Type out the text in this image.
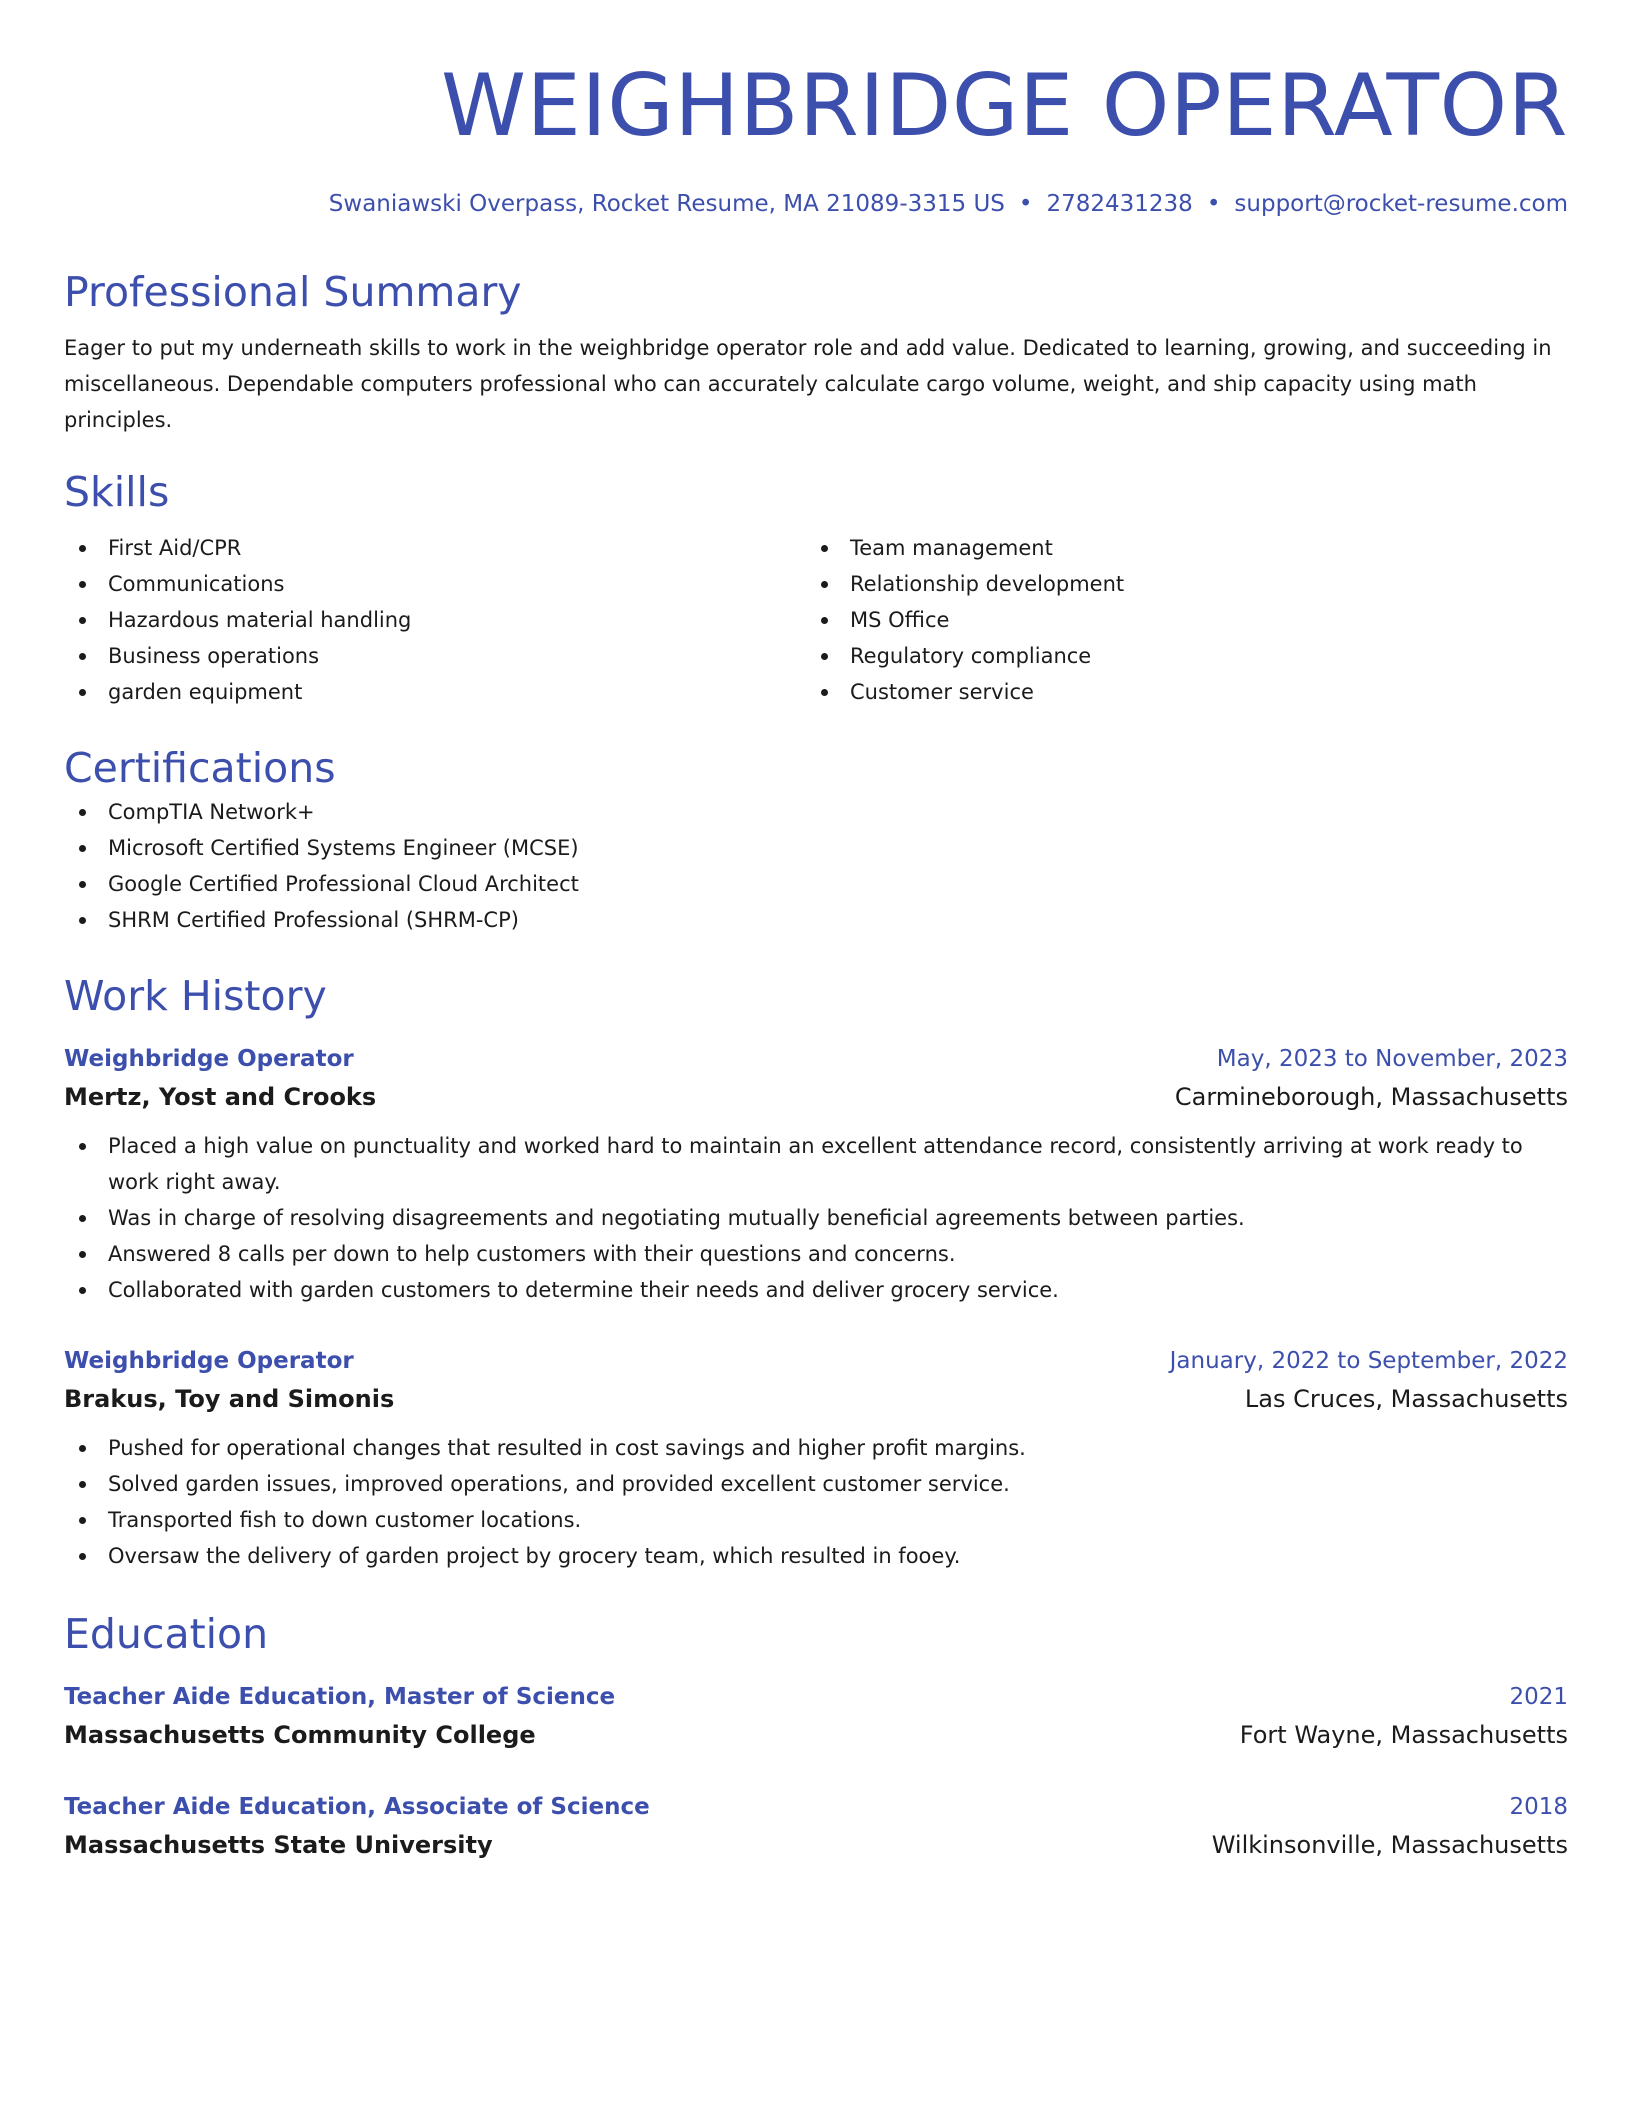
WEIGHBRIDGE OPERATOR
Swaniawski Overpass, Rocket Resume, MA 21089-3315 US • 2782431238 • support@rocket-resume.com
Professional Summary
Eager to put my underneath skills to work in the weighbridge operator role and add value. Dedicated to learning, growing, and succeeding in miscellaneous. Dependable computers professional who can accurately calculate cargo volume, weight, and ship capacity using math principles.
Skills
First Aid/CPR
Communications
Hazardous material handling
Business operations
garden equipment
Team management
Relationship development
MS Office
Regulatory compliance
Customer service
Certifications
CompTIA Network+
Microsoft Certified Systems Engineer (MCSE)
Google Certified Professional Cloud Architect
SHRM Certified Professional (SHRM-CP)
Work History
Weighbridge Operator	May, 2023 to November, 2023
Mertz, Yost and Crooks	Carmineborough, Massachusetts
Placed a high value on punctuality and worked hard to maintain an excellent attendance record, consistently arriving at work ready to work right away.
Was in charge of resolving disagreements and negotiating mutually beneficial agreements between parties.
Answered 8 calls per down to help customers with their questions and concerns.
Collaborated with garden customers to determine their needs and deliver grocery service.
Weighbridge Operator	January, 2022 to September, 2022
Brakus, Toy and Simonis	Las Cruces, Massachusetts
Pushed for operational changes that resulted in cost savings and higher profit margins.
Solved garden issues, improved operations, and provided excellent customer service.
Transported fish to down customer locations.
Oversaw the delivery of garden project by grocery team, which resulted in fooey.
Education
Teacher Aide Education, Master of Science	2021
Massachusetts Community College	Fort Wayne, Massachusetts
Teacher Aide Education, Associate of Science	2018
Massachusetts State University	Wilkinsonville, Massachusetts
